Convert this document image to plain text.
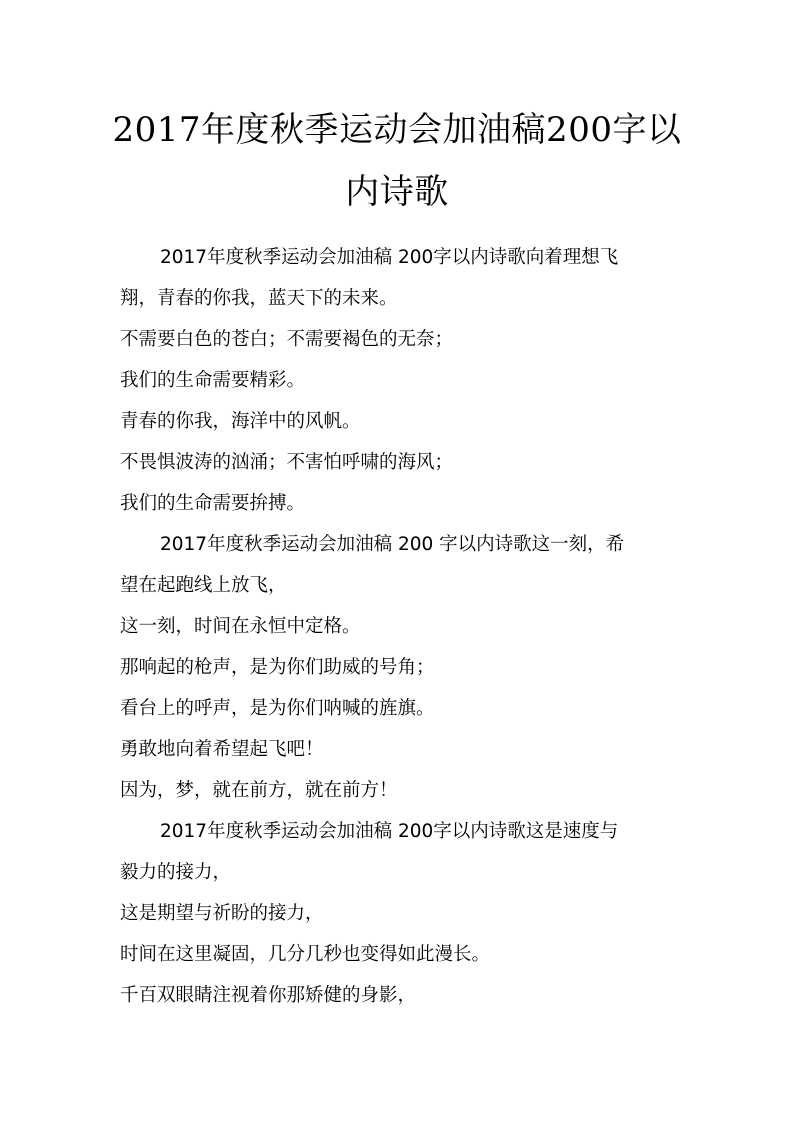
2017年度秋季运动会加油稿200字以
内诗歌
2017年度秋季运动会加油稿 200字以内诗歌向着理想飞
翔，青春的你我，蓝天下的未来。
不需要白色的苍白；不需要褐色的无奈；
我们的生命需要精彩。
青春的你我，海洋中的风帆。
不畏惧波涛的汹涌；不害怕呼啸的海风；
我们的生命需要拚搏。
2017年度秋季运动会加油稿 200 字以内诗歌这一刻，希
望在起跑线上放飞，
这一刻，时间在永恒中定格。
那响起的枪声，是为你们助威的号角；
看台上的呼声，是为你们呐喊的旌旗。
勇敢地向着希望起飞吧！
因为，梦，就在前方，就在前方！
2017年度秋季运动会加油稿 200字以内诗歌这是速度与
毅力的接力，
这是期望与祈盼的接力，
时间在这里凝固，几分几秒也变得如此漫长。
千百双眼睛注视着你那矫健的身影，
